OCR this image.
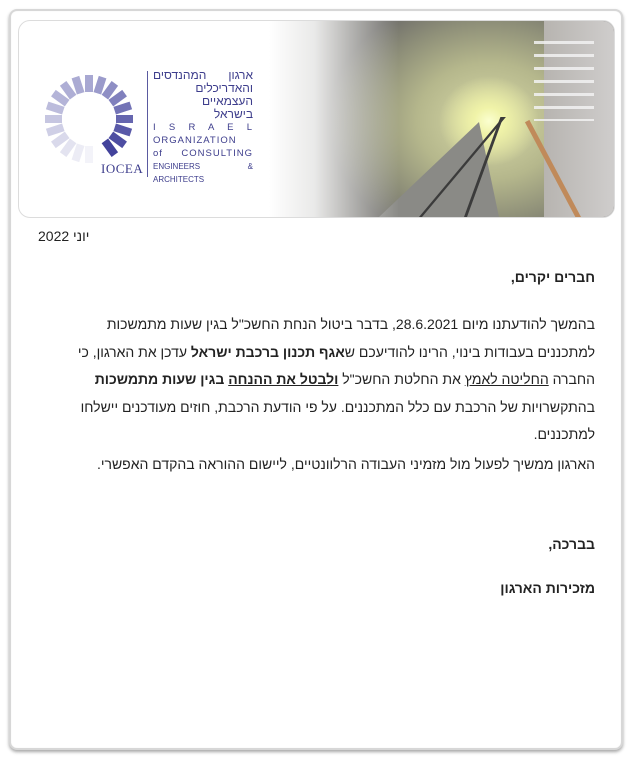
IOCEA
ארגון המהנדסים
והאדריכלים
העצמאיים
בישראל
I S R A E L
ORGANIZATION
of CONSULTING
ENGINEERS & ARCHITECTS
יוני 2022
חברים יקרים,
בהמשך להודעתנו מיום 28.6.2021, בדבר ביטול הנחת החשכ"ל בגין שעות מתמשכות למתכננים בעבודות בינוי, הרינו להודיעכם שאגף תכנון ברכבת ישראל עדכן את הארגון, כי החברה החליטה לאמץ את החלטת החשכ"ל ולבטל את ההנחה בגין שעות מתמשכות בהתקשרויות של הרכבת עם כלל המתכננים. על פי הודעת הרכבת, חוזים מעודכנים יישלחו למתכננים.
הארגון ממשיך לפעול מול מזמיני העבודה הרלוונטיים, ליישום ההוראה בהקדם האפשרי.
בברכה,
מזכירות הארגון
